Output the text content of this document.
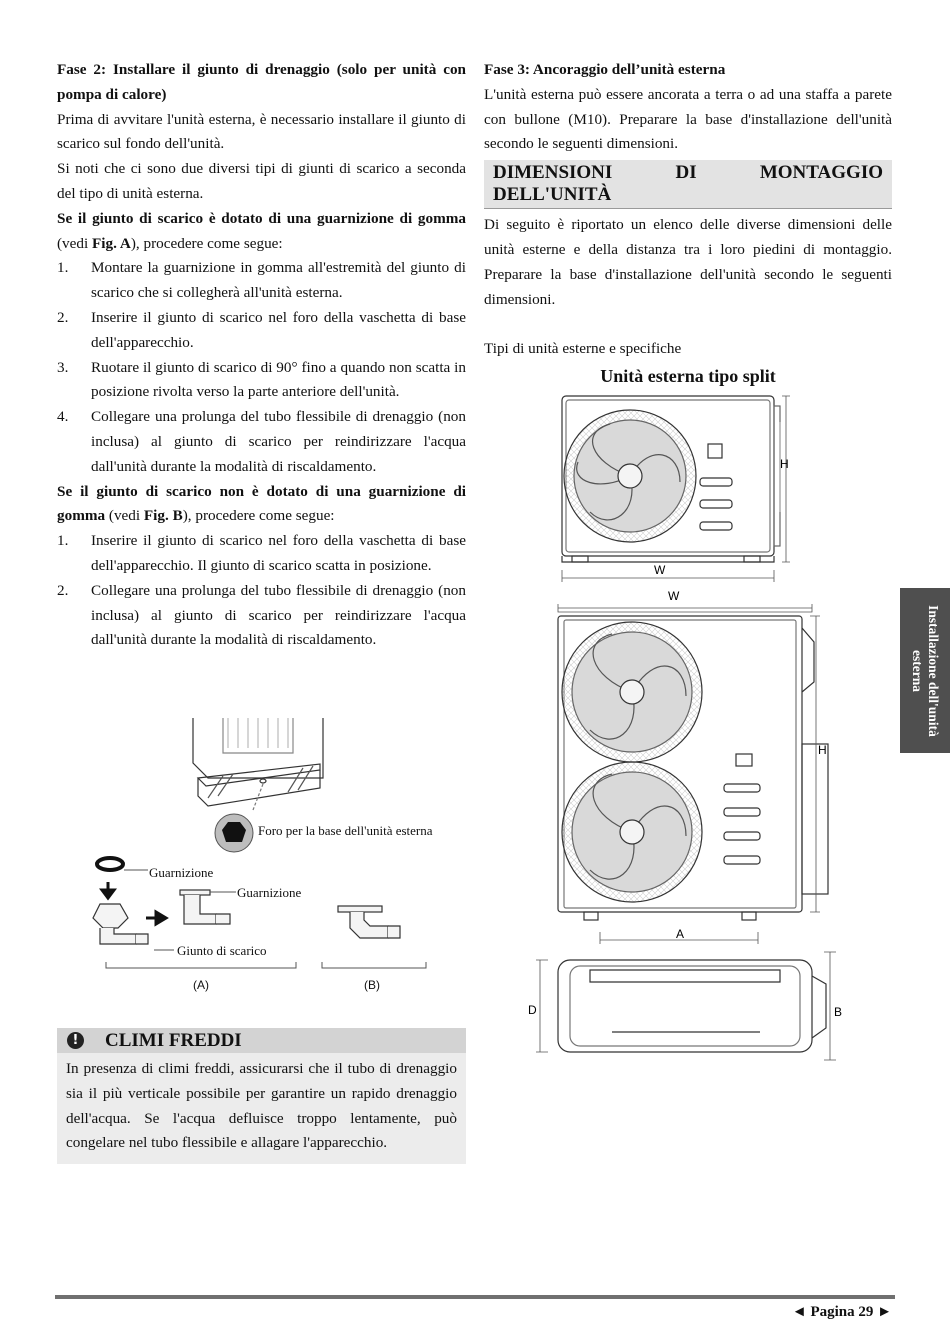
Fase 2: Installare il giunto di drenaggio (solo per unità con pompa di calore)

Prima di avvitare l'unità esterna, è necessario installare il giunto di scarico sul fondo dell'unità.

Si noti che ci sono due diversi tipi di giunti di scarico a seconda del tipo di unità esterna.

Se il giunto di scarico è dotato di una guarnizione di gomma (vedi Fig. A), procedere come segue:

1. Montare la guarnizione in gomma all'estremità del giunto di scarico che si collegherà all'unità esterna.
2. Inserire il giunto di scarico nel foro della vaschetta di base dell'apparecchio.
3. Ruotare il giunto di scarico di 90° fino a quando non scatta in posizione rivolta verso la parte anteriore dell'unità.
4. Collegare una prolunga del tubo flessibile di drenaggio (non inclusa) al giunto di scarico per reindirizzare l'acqua dall'unità durante la modalità di riscaldamento.

Se il giunto di scarico non è dotato di una guarnizione di gomma (vedi Fig. B), procedere come segue:

1. Inserire il giunto di scarico nel foro della vaschetta di base dell'apparecchio. Il giunto di scarico scatta in posizione.
2. Collegare una prolunga del tubo flessibile di drenaggio (non inclusa) al giunto di scarico per reindirizzare l'acqua dall'unità durante la modalità di riscaldamento.
Foro per la base dell'unità esterna
Guarnizione
Guarnizione
Giunto di scarico
(A)	(B)
! CLIMI FREDDI
In presenza di climi freddi, assicurarsi che il tubo di drenaggio sia il più verticale possibile per garantire un rapido drenaggio dell'acqua. Se l'acqua defluisce troppo lentamente, può congelare nel tubo flessibile e allagare l'apparecchio.

Fase 3: Ancoraggio dell’unità esterna

L'unità esterna può essere ancorata a terra o ad una staffa a parete con bullone (M10). Preparare la base d'installazione dell'unità secondo le seguenti dimensioni.

DIMENSIONI	DI	MONTAGGIO
DELL'UNITÀ

Di seguito è riportato un elenco delle diverse dimensioni delle unità esterne e della distanza tra i loro piedini di montaggio. Preparare la base d'installazione dell'unità secondo le seguenti dimensioni.

Tipi di unità esterne e specifiche

Unità esterna tipo split
H
W
W
H
A
D	B
Installazione dell'unità esterna
◄ Pagina 29 ►
